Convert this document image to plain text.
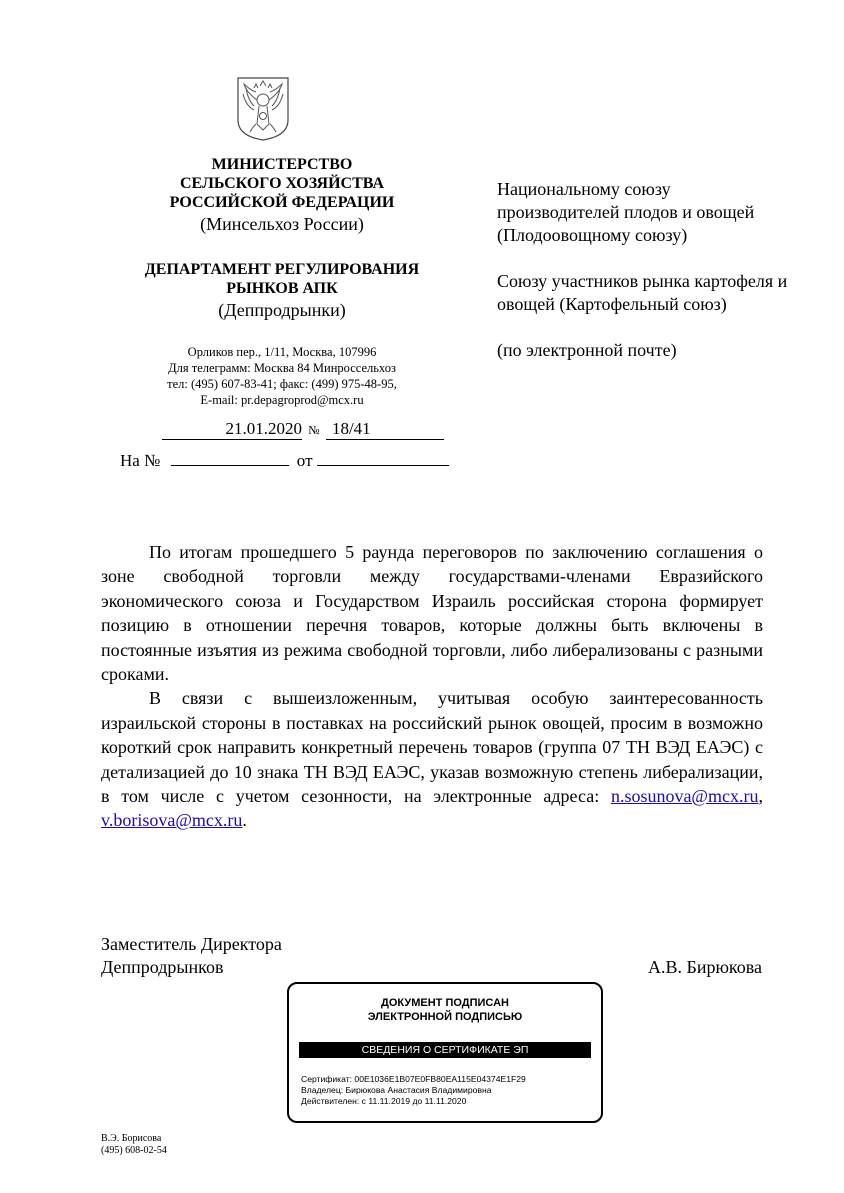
МИНИСТЕРСТВО
СЕЛЬСКОГО ХОЗЯЙСТВА
РОССИЙСКОЙ ФЕДЕРАЦИИ
(Минсельхоз России)
ДЕПАРТАМЕНТ РЕГУЛИРОВАНИЯ
РЫНКОВ АПК
(Деппродрынки)
Орликов пер., 1/11, Москва, 107996
Для телеграмм: Москва 84 Минроссельхоз
тел: (495) 607-83-41; факс: (499) 975-48-95,
E-mail: pr.depagroprod@mcx.ru
21.01.2020 № 18/41
На №	от

Национальному союзу производителей плодов и овощей (Плодоовощному союзу)

Союзу участников рынка картофеля и овощей (Картофельный союз)

(по электронной почте)

По итогам прошедшего 5 раунда переговоров по заключению соглашения о зоне свободной торговли между государствами-членами Евразийского экономического союза и Государством Израиль российская сторона формирует позицию в отношении перечня товаров, которые должны быть включены в постоянные изъятия из режима свободной торговли, либо либерализованы с разными сроками.

В связи с вышеизложенным, учитывая особую заинтересованность израильской стороны в поставках на российский рынок овощей, просим в возможно короткий срок направить конкретный перечень товаров (группа 07 ТН ВЭД ЕАЭС) с детализацией до 10 знака ТН ВЭД ЕАЭС, указав возможную степень либерализации, в том числе с учетом сезонности, на электронные адреса: n.sosunova@mcx.ru, v.borisova@mcx.ru.

Заместитель Директора
Деппродрынков	А.В. Бирюкова
ДОКУМЕНТ ПОДПИСАН
ЭЛЕКТРОННОЙ ПОДПИСЬЮ
СВЕДЕНИЯ О СЕРТИФИКАТЕ ЭП
Сертификат: 00E1036E1B07E0FB80EA115E04374E1F29
Владелец: Бирюкова Анастасия Владимировна
Действителен: с 11.11.2019 до 11.11.2020
В.Э. Борисова
(495) 608-02-54
